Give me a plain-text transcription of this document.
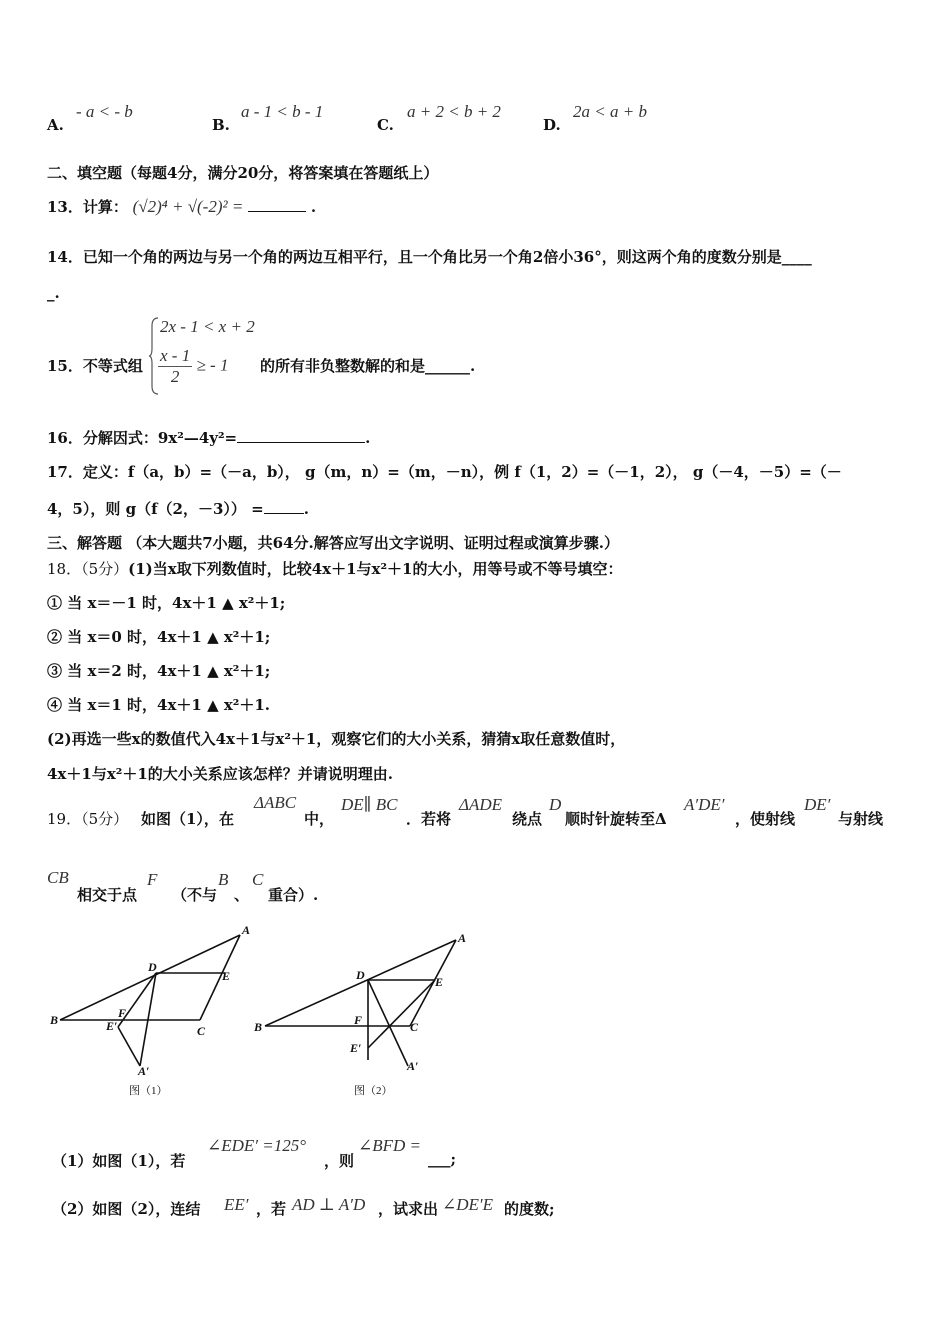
A.
- a < - b
B.
a - 1 < b - 1
C.
a + 2 < b + 2
D.
2a < a + b
二、填空题（每题4分，满分20分，将答案填在答题纸上）
13．计算： (√2)⁴ + √(-2)² =	.
14．已知一个角的两边与另一个角的两边互相平行，且一个角比另一个角2倍小36°，则这两个角的度数分别是____
_.
15．不等式组
2x - 1 < x + 2
$\frac{x - 1}{2}$ ≥ - 1 的所有非负整数解的和是______.
16．分解因式：9x²—4y²=	.
17．定义：f（a，b）=（－a，b）， g（m，n）=（m，－n），例 f（1，2）=（－1，2）， g（－4，－5）=（－
4，5），则 g（f（2，－3）） =	.
三、解答题 （本大题共7小题，共64分.解答应写出文字说明、证明过程或演算步骤.）
18．（5分）(1)当x取下列数值时，比较4x＋1与x²＋1的大小，用等号或不等号填空：
① 当 x＝－1 时，4x＋1 ▲ x²＋1;
② 当 x＝0 时，4x＋1 ▲ x²＋1;
③ 当 x＝2 时，4x＋1 ▲ x²＋1;
④ 当 x＝1 时，4x＋1 ▲ x²＋1.
(2)再选一些x的数值代入4x＋1与x²＋1，观察它们的大小关系，猜猜x取任意数值时，
4x＋1与x²＋1的大小关系应该怎样？并请说明理由.
19．（5分） 如图（1），在
ΔABC
中，
DE∥ BC
．若将
ΔADE
绕点
D
顺时针旋转至Δ
A′DE′
，使射线
DE′
与射线
CB
相交于点
F
（不与
B
、
C
重合）.
A
B
C
D
E
F
E′
A′
图（1）
A
B	C
D	E
F
E′
A′
图（2）
（1）如图（1），若
∠EDE′ =125°
，则
∠BFD =
___;
（2）如图（2），连结 EE′ ，若 AD ⊥ A′D ，试求出 ∠DE′E 的度数;
